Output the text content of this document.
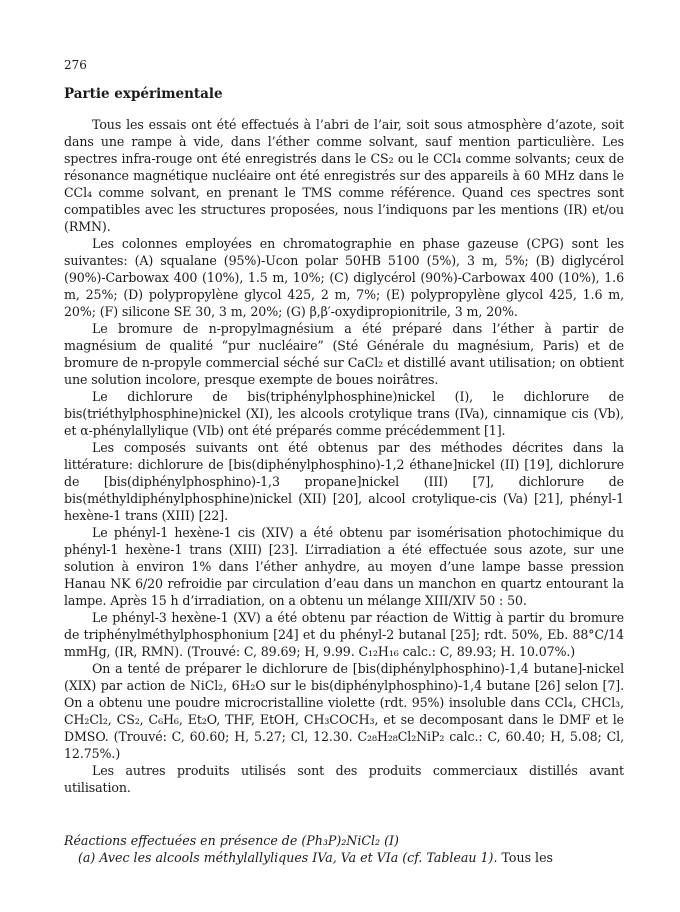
276
Partie expérimentale

Tous les essais ont été effectués à l’abri de l’air, soit sous atmosphère d’azote, soit dans une rampe à vide, dans l’éther comme solvant, sauf mention particulière. Les spectres infra-rouge ont été enregistrés dans le CS₂ ou le CCl₄ comme solvants; ceux de résonance magnétique nucléaire ont été enregistrés sur des appareils à 60 MHz dans le CCl₄ comme solvant, en prenant le TMS comme référence. Quand ces spectres sont compatibles avec les structures proposées, nous l’indiquons par les mentions (IR) et/ou (RMN).

Les colonnes employées en chromatographie en phase gazeuse (CPG) sont les suivantes: (A) squalane (95%)-Ucon polar 50HB 5100 (5%), 3 m, 5%; (B) diglycérol (90%)-Carbowax 400 (10%), 1.5 m, 10%; (C) diglycérol (90%)-Carbowax 400 (10%), 1.6 m, 25%; (D) polypropylène glycol 425, 2 m, 7%; (E) polypropylène glycol 425, 1.6 m, 20%; (F) silicone SE 30, 3 m, 20%; (G) β,β′-oxydipropionitrile, 3 m, 20%.

Le bromure de n-propylmagnésium a été préparé dans l’éther à partir de magnésium de qualité “pur nucléaire” (Sté Générale du magnésium, Paris) et de bromure de n-propyle commercial séché sur CaCl₂ et distillé avant utilisation; on obtient une solution incolore, presque exempte de boues noirâtres.

Le dichlorure de bis(triphénylphosphine)nickel (I), le dichlorure de bis(triéthylphosphine)nickel (XI), les alcools crotylique trans (IVa), cinnamique cis (Vb), et α-phénylallylique (VIb) ont été préparés comme précédemment [1].

Les composés suivants ont été obtenus par des méthodes décrites dans la littérature: dichlorure de [bis(diphénylphosphino)-1,2 éthane]nickel (II) [19], dichlorure de [bis(diphénylphosphino)-1,3 propane]nickel (III) [7], dichlorure de bis(méthyldiphénylphosphine)nickel (XII) [20], alcool crotylique-cis (Va) [21], phényl-1 hexène-1 trans (XIII) [22].

Le phényl-1 hexène-1 cis (XIV) a été obtenu par isomérisation photochimique du phényl-1 hexène-1 trans (XIII) [23]. L’irradiation a été effectuée sous azote, sur une solution à environ 1% dans l’éther anhydre, au moyen d’une lampe basse pression Hanau NK 6/20 refroidie par circulation d’eau dans un manchon en quartz entourant la lampe. Après 15 h d’irradiation, on a obtenu un mélange XIII/XIV 50 : 50.

Le phényl-3 hexène-1 (XV) a été obtenu par réaction de Wittig à partir du bromure de triphénylméthylphosphonium [24] et du phényl-2 butanal [25]; rdt. 50%, Eb. 88°C/14 mmHg, (IR, RMN). (Trouvé: C, 89.69; H, 9.99. C₁₂H₁₆ calc.: C, 89.93; H. 10.07%.)

On a tenté de préparer le dichlorure de [bis(diphénylphosphino)-1,4 butane]-nickel (XIX) par action de NiCl₂, 6H₂O sur le bis(diphénylphosphino)-1,4 butane [26] selon [7]. On a obtenu une poudre microcristalline violette (rdt. 95%) insoluble dans CCl₄, CHCl₃, CH₂Cl₂, CS₂, C₆H₆, Et₂O, THF, EtOH, CH₃COCH₃, et se decomposant dans le DMF et le DMSO. (Trouvé: C, 60.60; H, 5.27; Cl, 12.30. C₂₈H₂₈Cl₂NiP₂ calc.: C, 60.40; H, 5.08; Cl, 12.75%.)

Les autres produits utilisés sont des produits commerciaux distillés avant utilisation.

Réactions effectuées en présence de (Ph₃P)₂NiCl₂ (I)
(a) Avec les alcools méthylallyliques IVa, Va et VIa (cf. Tableau 1). Tous les
